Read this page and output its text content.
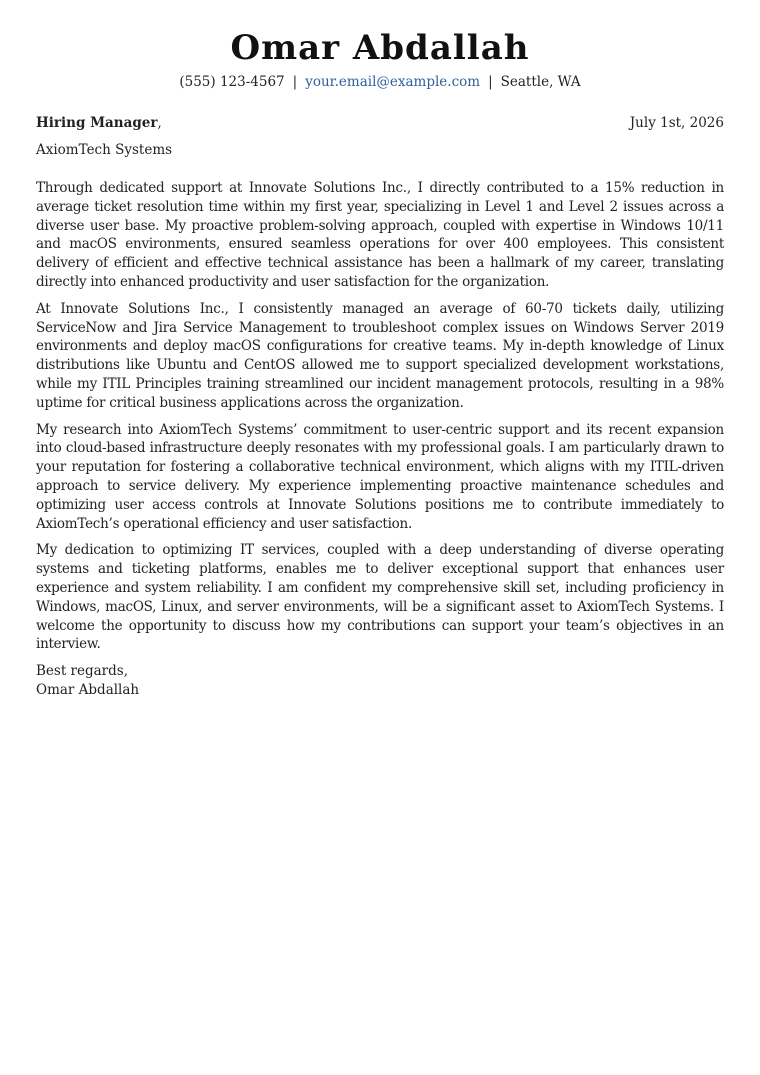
Omar Abdallah
(555) 123-4567 | your.email@example.com | Seattle, WA
Hiring Manager,	July 1st, 2026
AxiomTech Systems

Through dedicated support at Innovate Solutions Inc., I directly contributed to a 15% reduction in average ticket resolution time within my first year, specializing in Level 1 and Level 2 issues across a diverse user base. My proactive problem-solving approach, coupled with expertise in Windows 10/11 and macOS environments, ensured seamless operations for over 400 employees. This consistent delivery of efficient and effective technical assistance has been a hallmark of my career, translating directly into enhanced productivity and user satisfaction for the organization.

At Innovate Solutions Inc., I consistently managed an average of 60-70 tickets daily, utilizing ServiceNow and Jira Service Management to troubleshoot complex issues on Windows Server 2019 environments and deploy macOS configurations for creative teams. My in-depth knowledge of Linux distributions like Ubuntu and CentOS allowed me to support specialized development workstations, while my ITIL Principles training streamlined our incident management protocols, resulting in a 98% uptime for critical business applications across the organization.

My research into AxiomTech Systems’ commitment to user-centric support and its recent expansion into cloud-based infrastructure deeply resonates with my professional goals. I am particularly drawn to your reputation for fostering a collaborative technical environment, which aligns with my ITIL-driven approach to service delivery. My experience implementing proactive maintenance schedules and optimizing user access controls at Innovate Solutions positions me to contribute immediately to AxiomTech’s operational efficiency and user satisfaction.

My dedication to optimizing IT services, coupled with a deep understanding of diverse operating systems and ticketing platforms, enables me to deliver exceptional support that enhances user experience and system reliability. I am confident my comprehensive skill set, including proficiency in Windows, macOS, Linux, and server environments, will be a significant asset to AxiomTech Systems. I welcome the opportunity to discuss how my contributions can support your team’s objectives in an interview.

Best regards,
Omar Abdallah
